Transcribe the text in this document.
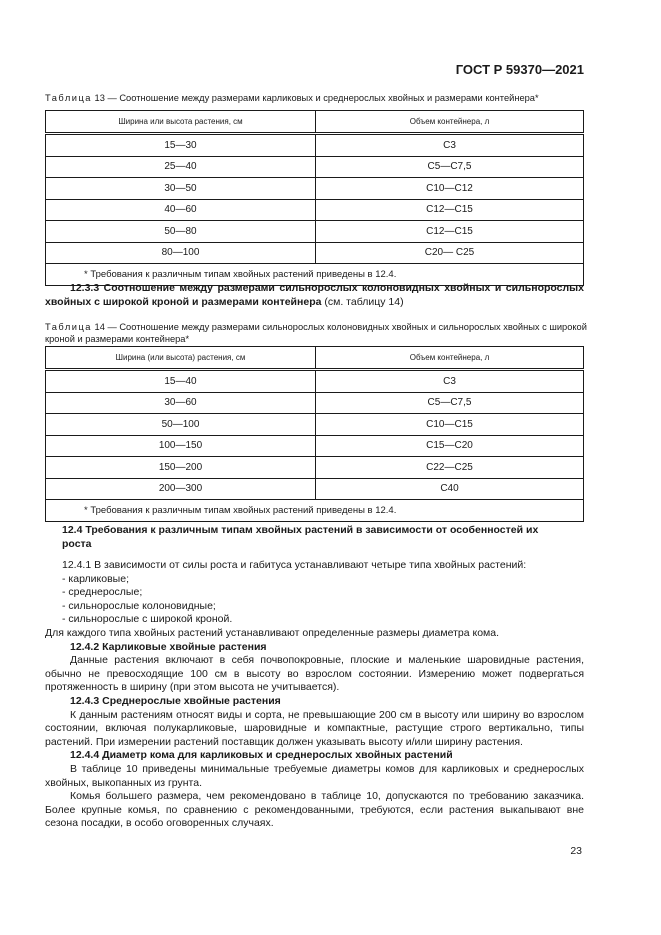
ГОСТ Р 59370—2021
Таблица 13 — Соотношение между размерами карликовых и среднерослых хвойных и размерами контейнера*
Ширина или высота растения, см	Объем контейнера, л
15—30	С3
25—40	С5—С7,5
30—50	С10—С12
40—60	С12—С15
50—80	С12—С15
80—100	С20— С25
* Требования к различным типам хвойных растений приведены в 12.4.	
12.3.3 Соотношение между размерами сильнорослых колоновидных хвойных и сильнорослых хвойных с широкой кроной и размерами контейнера (см. таблицу 14)
Таблица 14 — Соотношение между размерами сильнорослых колоновидных хвойных и сильнорослых хвойных с широкой кроной и размерами контейнера*
Ширина (или высота) растения, см	Объем контейнера, л
15—40	С3
30—60	С5—С7,5
50—100	С10—С15
100—150	С15—С20
150—200	С22—С25
200—300	С40
* Требования к различным типам хвойных растений приведены в 12.4.	
12.4 Требования к различным типам хвойных растений в зависимости от особенностей их роста

12.4.1 В зависимости от силы роста и габитуса устанавливают четыре типа хвойных растений:

- карликовые;

- среднерослые;

- сильнорослые колоновидные;

- сильнорослые с широкой кроной.

Для каждого типа хвойных растений устанавливают определенные размеры диаметра кома.

12.4.2 Карликовые хвойные растения

Данные растения включают в себя почвопокровные, плоские и маленькие шаровидные растения, обычно не превосходящие 100 см в высоту во взрослом состоянии. Измерению может подвергаться протяженность в ширину (при этом высота не учитывается).

12.4.3 Среднерослые хвойные растения

К данным растениям относят виды и сорта, не превышающие 200 см в высоту или ширину во взрослом состоянии, включая полукарликовые, шаровидные и компактные, растущие строго вертикально, типы растений. При измерении растений поставщик должен указывать высоту и/или ширину растения.

12.4.4 Диаметр кома для карликовых и среднерослых хвойных растений

В таблице 10 приведены минимальные требуемые диаметры комов для карликовых и среднерослых хвойных, выкопанных из грунта.

Комья большего размера, чем рекомендовано в таблице 10, допускаются по требованию заказчика. Более крупные комья, по сравнению с рекомендованными, требуются, если растения выкапывают вне сезона посадки, в особо оговоренных случаях.

23
